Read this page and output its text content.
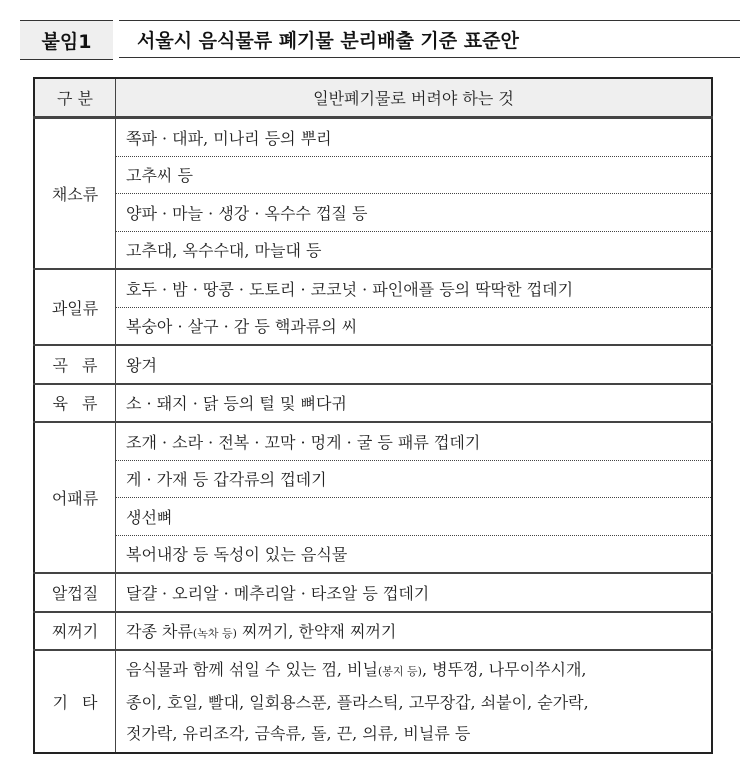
붙임1	서울시 음식물류 폐기물 분리배출 기준 표준안
구 분	일반폐기물로 버려야 하는 것
채소류	쪽파 · 대파, 미나리 등의 뿌리
	고추씨 등
	양파 · 마늘 · 생강 · 옥수수 껍질 등
	고추대, 옥수수대, 마늘대 등
과일류	호두 · 밤 · 땅콩 · 도토리 · 코코넛 · 파인애플 등의 딱딱한 껍데기
	복숭아 · 살구 · 감 등 핵과류의 씨
곡류	왕겨
육류	소 · 돼지 · 닭 등의 털 및 뼈다귀
어패류	조개 · 소라 · 전복 · 꼬막 · 멍게 · 굴 등 패류 껍데기
	게 · 가재 등 갑각류의 껍데기
	생선뼈
	복어내장 등 독성이 있는 음식물
알껍질	달걀 · 오리알 · 메추리알 · 타조알 등 껍데기
찌꺼기	각종 차류(녹차 등) 찌꺼기, 한약재 찌꺼기
기타	음식물과 함께 섞일 수 있는 껌, 비닐(봉지 등), 병뚜껑, 나무이쑤시개,
종이, 호일, 빨대, 일회용스푼, 플라스틱, 고무장갑, 쇠붙이, 숟가락,
젓가락, 유리조각, 금속류, 돌, 끈, 의류, 비닐류 등
